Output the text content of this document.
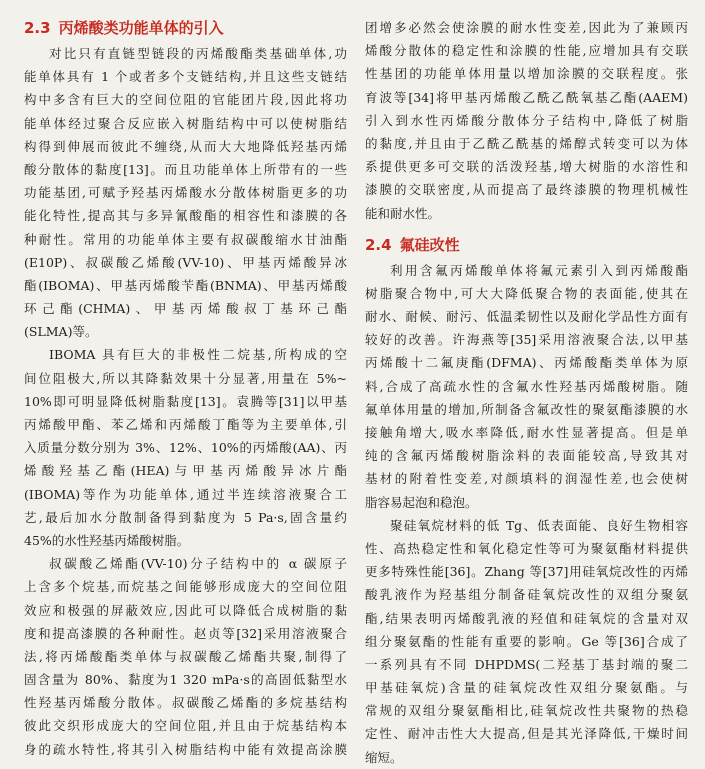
2.3 丙烯酸类功能单体的引入
对比只有直链型链段的丙烯酸酯类基础单体,功
能单体具有 1 个或者多个支链结构,并且这些支链结
构中多含有巨大的空间位阻的官能团片段,因此将功
能单体经过聚合反应嵌入树脂结构中可以使树脂结
构得到伸展而彼此不缠绕,从而大大地降低羟基丙烯
酸分散体的黏度[13]。而且功能单体上所带有的一些
功能基团,可赋予羟基丙烯酸水分散体树脂更多的功
能化特性,提高其与多异氰酸酯的相容性和漆膜的各
种耐性。常用的功能单体主要有叔碳酸缩水甘油酯
(E10P)、叔碳酸乙烯酸(VV-10)、甲基丙烯酸异冰
酯(IBOMA)、甲基丙烯酸苄酯(BNMA)、甲基丙烯酸
环己酯(CHMA)、甲基丙烯酸叔丁基环己酯
(SLMA)等。
IBOMA 具有巨大的非极性二烷基,所构成的空
间位阻极大,所以其降黏效果十分显著,用量在 5%~
10%即可明显降低树脂黏度[13]。袁腾等[31]以甲基
丙烯酸甲酯、苯乙烯和丙烯酸丁酯等为主要单体,引
入质量分数分别为 3%、12%、10%的丙烯酸(AA)、丙
烯酸羟基乙酯(HEA)与甲基丙烯酸异冰片酯
(IBOMA)等作为功能单体,通过半连续溶液聚合工
艺,最后加水分散制备得到黏度为 5 Pa·s,固含量约
45%的水性羟基丙烯酸树脂。
叔碳酸乙烯酯(VV-10)分子结构中的 α 碳原子
上含多个烷基,而烷基之间能够形成庞大的空间位阻
效应和极强的屏蔽效应,因此可以降低合成树脂的黏
度和提高漆膜的各种耐性。赵贞等[32]采用溶液聚合
法,将丙烯酸酯类单体与叔碳酸乙烯酯共聚,制得了
固含量为 80%、黏度为1 320 mPa·s的高固低黏型水
性羟基丙烯酸分散体。叔碳酸乙烯酯的多烷基结构
彼此交织形成庞大的空间位阻,并且由于烷基结构本
身的疏水特性,将其引入树脂结构中能有效提高涂膜
团增多必然会使涂膜的耐水性变差,因此为了兼顾丙
烯酸分散体的稳定性和涂膜的性能,应增加具有交联
性基团的功能单体用量以增加涂膜的交联程度。张
育波等[34]将甲基丙烯酸乙酰乙酰氧基乙酯(AAEM)
引入到水性丙烯酸分散体分子结构中,降低了树脂
的黏度,并且由于乙酰乙酰基的烯醇式转变可以为体
系提供更多可交联的活泼羟基,增大树脂的水溶性和
漆膜的交联密度,从而提高了最终漆膜的物理机械性
能和耐水性。
2.4 氟硅改性
利用含氟丙烯酸单体将氟元素引入到丙烯酸酯
树脂聚合物中,可大大降低聚合物的表面能,使其在
耐水、耐候、耐污、低温柔韧性以及耐化学品性方面有
较好的改善。许海燕等[35]采用溶液聚合法,以甲基
丙烯酸十二氟庚酯(DFMA)、丙烯酸酯类单体为原
料,合成了高疏水性的含氟水性羟基丙烯酸树脂。随
氟单体用量的增加,所制备含氟改性的聚氨酯漆膜的水
接触角增大,吸水率降低,耐水性显著提高。但是单
纯的含氟丙烯酸树脂涂料的表面能较高,导致其对
基材的附着性变差,对颜填料的润湿性差,也会使树
脂容易起泡和稳泡。
聚硅氧烷材料的低 Tg、低表面能、良好生物相容
性、高热稳定性和氧化稳定性等可为聚氨酯材料提供
更多特殊性能[36]。Zhang 等[37]用硅氧烷改性的丙烯
酸乳液作为羟基组分制备硅氧烷改性的双组分聚氨
酯,结果表明丙烯酸乳液的羟值和硅氧烷的含量对双
组分聚氨酯的性能有重要的影响。Ge 等[36]合成了
一系列具有不同 DHPDMS(二羟基丁基封端的聚二
甲基硅氧烷)含量的硅氧烷改性双组分聚氨酯。与
常规的双组分聚氨酯相比,硅氧烷改性共聚物的热稳
定性、耐冲击性大大提高,但是其光泽降低,干燥时间
缩短。
